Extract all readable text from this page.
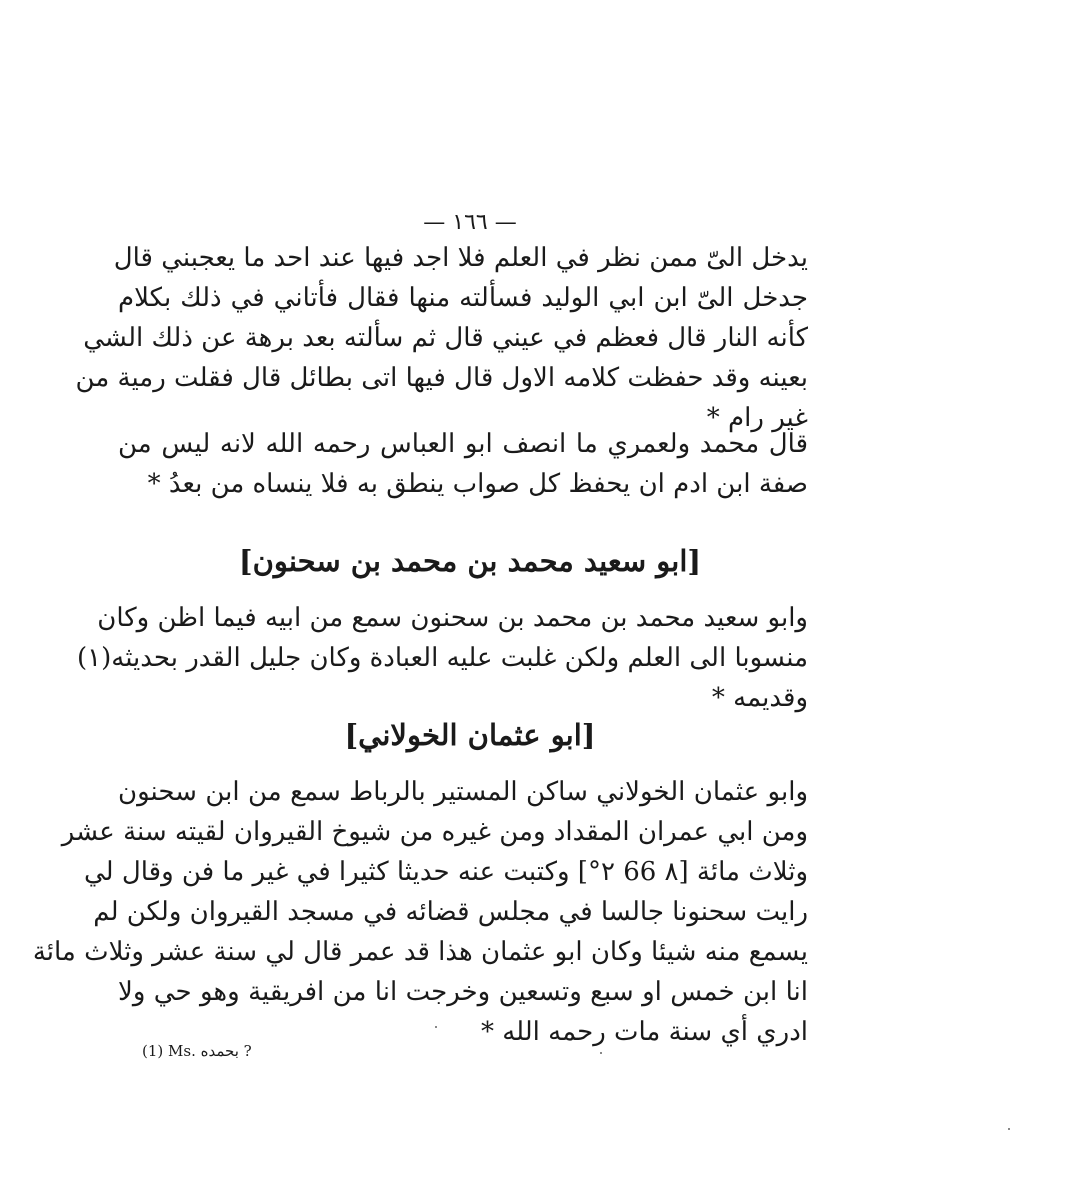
— ١٦٦ —
يدخل الىّ ممن نظر في العلم فلا اجد فيها عند احد ما يعجبني قال
جدخل الىّ ابن ابي الوليد فسألته منها فقال فأتاني في ذلك بكلام
كأنه النار قال فعظم في عيني قال ثم سألته بعد برهة عن ذلك الشي
بعينه وقد حفظت كلامه الاول قال فيها اتى بطائل قال فقلت رمية من
غير رام *
قال محمد ولعمري ما انصف ابو العباس رحمه الله لانه ليس من
صفة ابن ادم ان يحفظ كل صواب ينطق به فلا ينساه من بعدُ *
[ابو سعيد محمد بن محمد بن سحنون]
وابو سعيد محمد بن محمد بن سحنون سمع من ابيه فيما اظن وكان
منسوبا الى العلم ولكن غلبت عليه العبادة وكان جليل القدر بحديثه(١)
وقديمه *
[ابو عثمان الخولاني]
وابو عثمان الخولاني ساكن المستير بالرباط سمع من ابن سحنون
ومن ابي عمران المقداد ومن غيره من شيوخ القيروان لقيته سنة عشر
وثلاث مائة [٨ 66 ٢°] وكتبت عنه حديثا كثيرا في غير ما فن وقال لي
رايت سحنونا جالسا في مجلس قضائه في مسجد القيروان ولكن لم
يسمع منه شيئا وكان ابو عثمان هذا قد عمر قال لي سنة عشر وثلاث مائة
انا ابن خمس او سبع وتسعين وخرجت انا من افريقية وهو حي ولا
ادري أي سنة مات رحمه الله *
(1) Ms. بحمده ?
